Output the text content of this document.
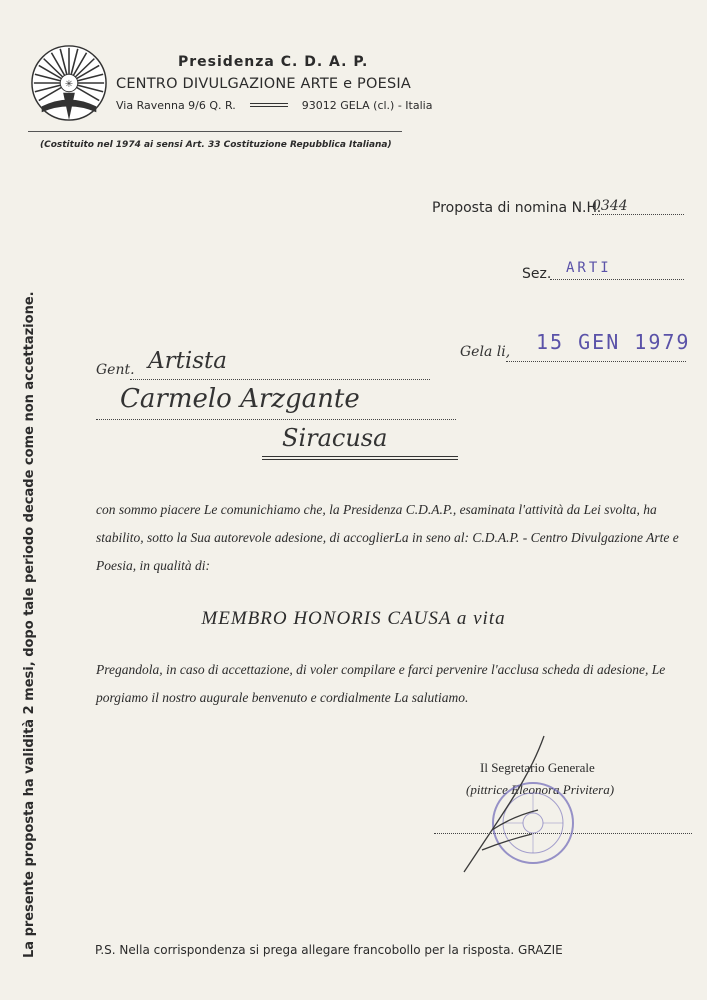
✳
Presidenza C. D. A. P.
CENTRO DIVULGAZIONE ARTE e POESIA
Via Ravenna 9/6 Q. R.	93012 GELA (cl.) - Italia
(Costituito nel 1974 ai sensi Art. 33 Costituzione Repubblica Italiana)
La presente proposta ha validità 2 mesi, dopo tale periodo decade come non accettazione.
Proposta di nomina N.H.
0344
Sez. ARTI
Gela li, 15 GEN 1979
Gent. Artista
Carmelo Arzgante
Siracusa
con sommo piacere Le comunichiamo che, la Presidenza C.D.A.P., esaminata l'attività da Lei svolta, ha stabilito, sotto la Sua autorevole adesione, di accoglierLa in seno al: C.D.A.P. - Centro Divulgazione Arte e Poesia, in qualità di:
MEMBRO HONORIS CAUSA a vita
Pregandola, in caso di accettazione, di voler compilare e farci pervenire l'acclusa scheda di adesione, Le porgiamo il nostro augurale benvenuto e cordialmente La salutiamo.
Il Segretario Generale
(pittrice Eleonora Privitera)
P.S. Nella corrispondenza si prega allegare francobollo per la risposta. GRAZIE
